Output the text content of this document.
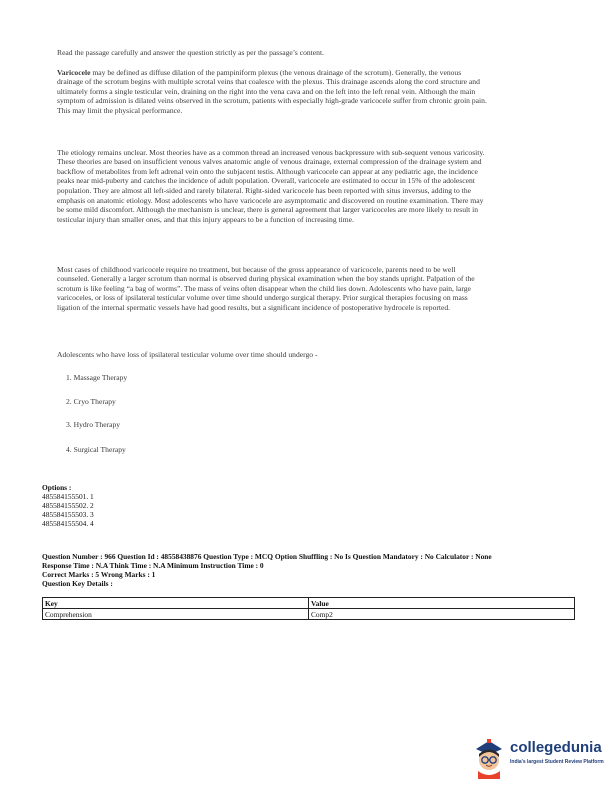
Read the passage carefully and answer the question strictly as per the passage’s content.

Varicocele may be defined as diffuse dilation of the pampiniform plexus (the venous drainage of the scrotum). Generally, the venous drainage of the scrotum begins with multiple scrotal veins that coalesce with the plexus. This drainage ascends along the cord structure and ultimately forms a single testicular vein, draining on the right into the vena cava and on the left into the left renal vein. Although the main symptom of admission is dilated veins observed in the scrotum, patients with especially high-grade varicocele suffer from chronic groin pain. This may limit the physical performance.

The etiology remains unclear. Most theories have as a common thread an increased venous backpressure with sub-sequent venous varicosity. These theories are based on insufficient venous valves anatomic angle of venous drainage, external compression of the drainage system and backflow of metabolites from left adrenal vein onto the subjacent testis. Although varicocele can appear at any pediatric age, the incidence peaks near mid-puberty and catches the incidence of adult population. Overall, varicocele are estimated to occur in 15% of the adolescent population. They are almost all left-sided and rarely bilateral. Right-sided varicocele has been reported with situs inversus, adding to the emphasis on anatomic etiology. Most adolescents who have varicocele are asymptomatic and discovered on routine examination. There may be some mild discomfort. Although the mechanism is unclear, there is general agreement that larger varicoceles are more likely to result in testicular injury than smaller ones, and that this injury appears to be a function of increasing time.

Most cases of childhood varicocele require no treatment, but because of the gross appearance of varicocele, parents need to be well counseled. Generally a larger scrotum than normal is observed during physical examination when the boy stands upright. Palpation of the scrotum is like feeling “a bag of worms”. The mass of veins often disappear when the child lies down. Adolescents who have pain, large varicoceles, or loss of ipsilateral testicular volume over time should undergo surgical therapy. Prior surgical therapies focusing on mass ligation of the internal spermatic vessels have had good results, but a significant incidence of postoperative hydrocele is reported.

Adolescents who have loss of ipsilateral testicular volume over time should undergo -

1. Massage Therapy

2. Cryo Therapy

3. Hydro Therapy

4. Surgical Therapy

Options :
485584155501. 1
485584155502. 2
485584155503. 3
485584155504. 4
Question Number : 966 Question Id : 48558438876 Question Type : MCQ Option Shuffling : No Is Question Mandatory : No Calculator : None
Response Time : N.A Think Time : N.A Minimum Instruction Time : 0
Correct Marks : 5 Wrong Marks : 1
Question Key Details :
Key	Value
Comprehension	Comp2
collegedunia
India's largest Student Review Platform
